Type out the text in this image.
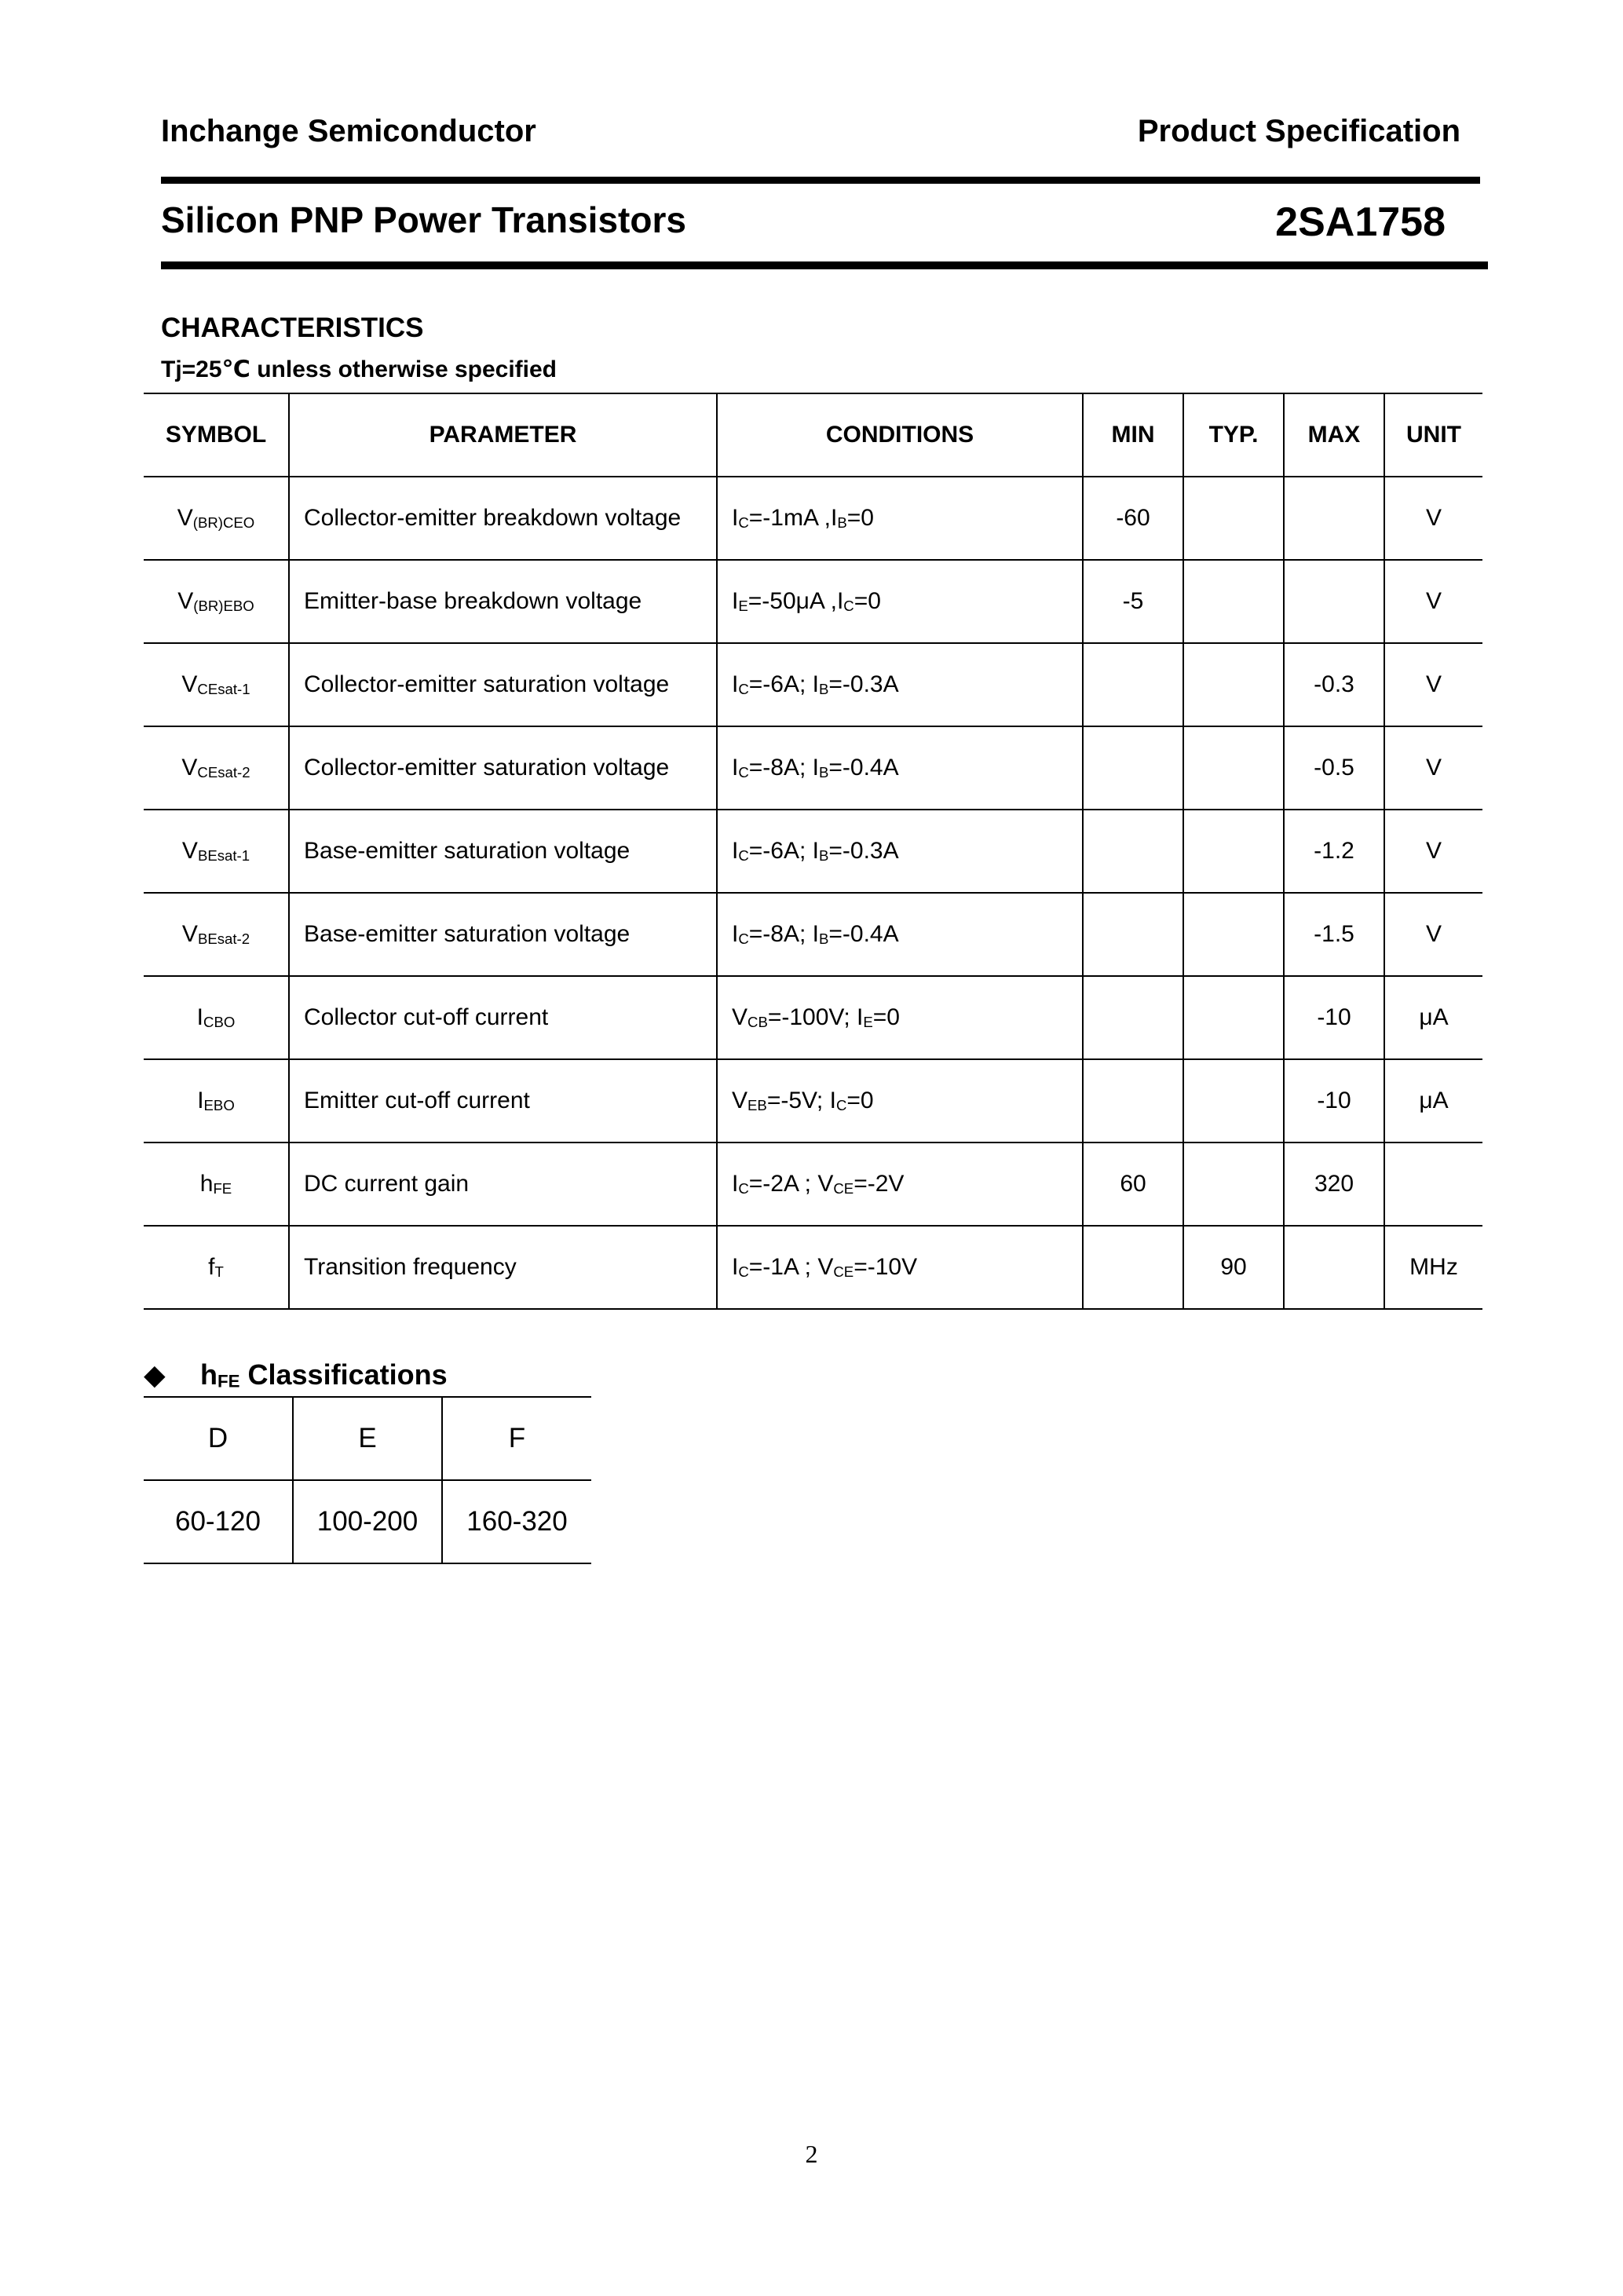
Inchange Semiconductor	Product Specification
Silicon PNP Power Transistors	2SA1758
CHARACTERISTICS
Tj=25℃ unless otherwise specified
SYMBOL	PARAMETER	CONDITIONS	MIN	TYP.	MAX	UNIT
$V_{(BR)CEO}$	Collector-emitter breakdown voltage	$I_C=-1mA$ $,I_B=0$	-60			V
$V_{(BR)EBO}$	Emitter-base breakdown voltage	$I_E=-50\mu A$ $,I_C=0$	-5			V
$V_{CEsat-1}$	Collector-emitter saturation voltage	$I_C=-6A$; $I_B=-0.3A$			-0.3	V
$V_{CEsat-2}$	Collector-emitter saturation voltage	$I_C=-8A$; $I_B=-0.4A$			-0.5	V
$V_{BEsat-1}$	Base-emitter saturation voltage	$I_C=-6A$; $I_B=-0.3A$			-1.2	V
$V_{BEsat-2}$	Base-emitter saturation voltage	$I_C=-8A$; $I_B=-0.4A$			-1.5	V
$I_{CBO}$	Collector cut-off current	$V_{CB}=-100V$; $I_E=0$			-10	μA
$I_{EBO}$	Emitter cut-off current	$V_{EB}=-5V$; $I_C=0$			-10	μA
$h_{FE}$	DC current gain	$I_C=-2A$ ; $V_{CE}=-2V$	60		320	
$f_T$	Transition frequency	$I_C=-1A$ ; $V_{CE}=-10V$		90		MHz
◆ $h_{FE}$ Classifications
D	E	F
60-120	100-200	160-320
2
